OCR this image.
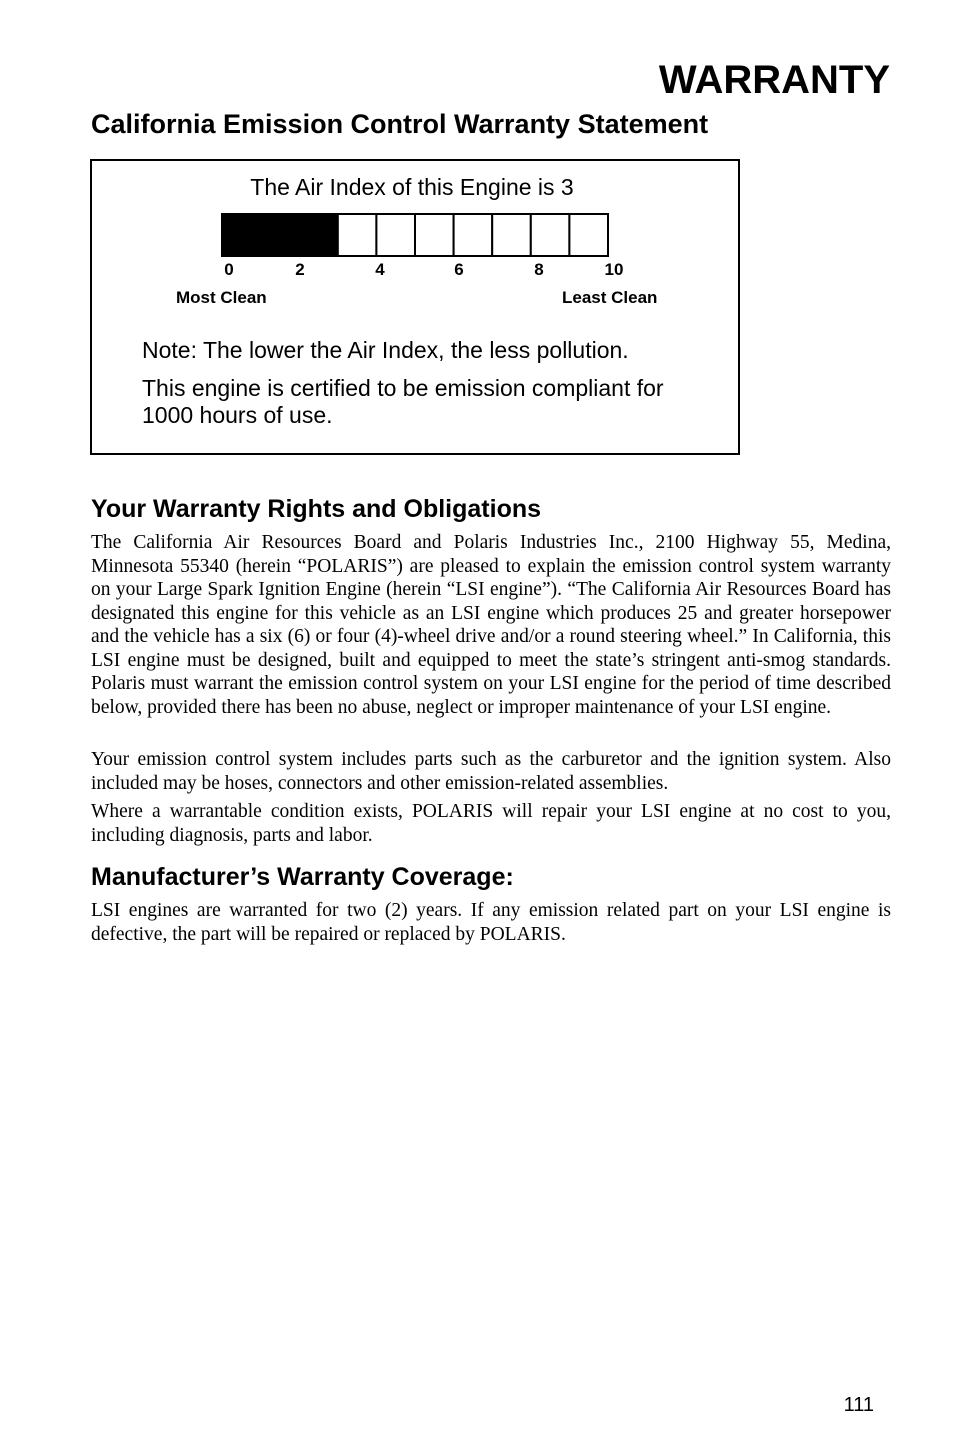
WARRANTY
California Emission Control Warranty Statement
The Air Index of this Engine is 3
0	2	4	6	8	10
Most Clean	Least Clean
Note: The lower the Air Index, the less pollution.
This engine is certified to be emission compliant for 1000 hours of use.
Your Warranty Rights and Obligations

The California Air Resources Board and Polaris Industries Inc., 2100 Highway 55, Medina, Minnesota 55340 (herein “POLARIS”) are pleased to explain the emission control system warranty on your Large Spark Ignition Engine (herein “LSI engine”). “The California Air Resources Board has designated this engine for this vehicle as an LSI engine which produces 25 and greater horsepower and the vehicle has a six (6) or four (4)-wheel drive and/or a round steering wheel.” In California, this LSI engine must be designed, built and equipped to meet the state’s stringent anti-smog standards. Polaris must warrant the emission control system on your LSI engine for the period of time described below, provided there has been no abuse, neglect or improper maintenance of your LSI engine.

Your emission control system includes parts such as the carburetor and the ignition system. Also included may be hoses, connectors and other emission-related assemblies.

Where a warrantable condition exists, POLARIS will repair your LSI engine at no cost to you, including diagnosis, parts and labor.

Manufacturer’s Warranty Coverage:

LSI engines are warranted for two (2) years. If any emission related part on your LSI engine is defective, the part will be repaired or replaced by POLARIS.

111
